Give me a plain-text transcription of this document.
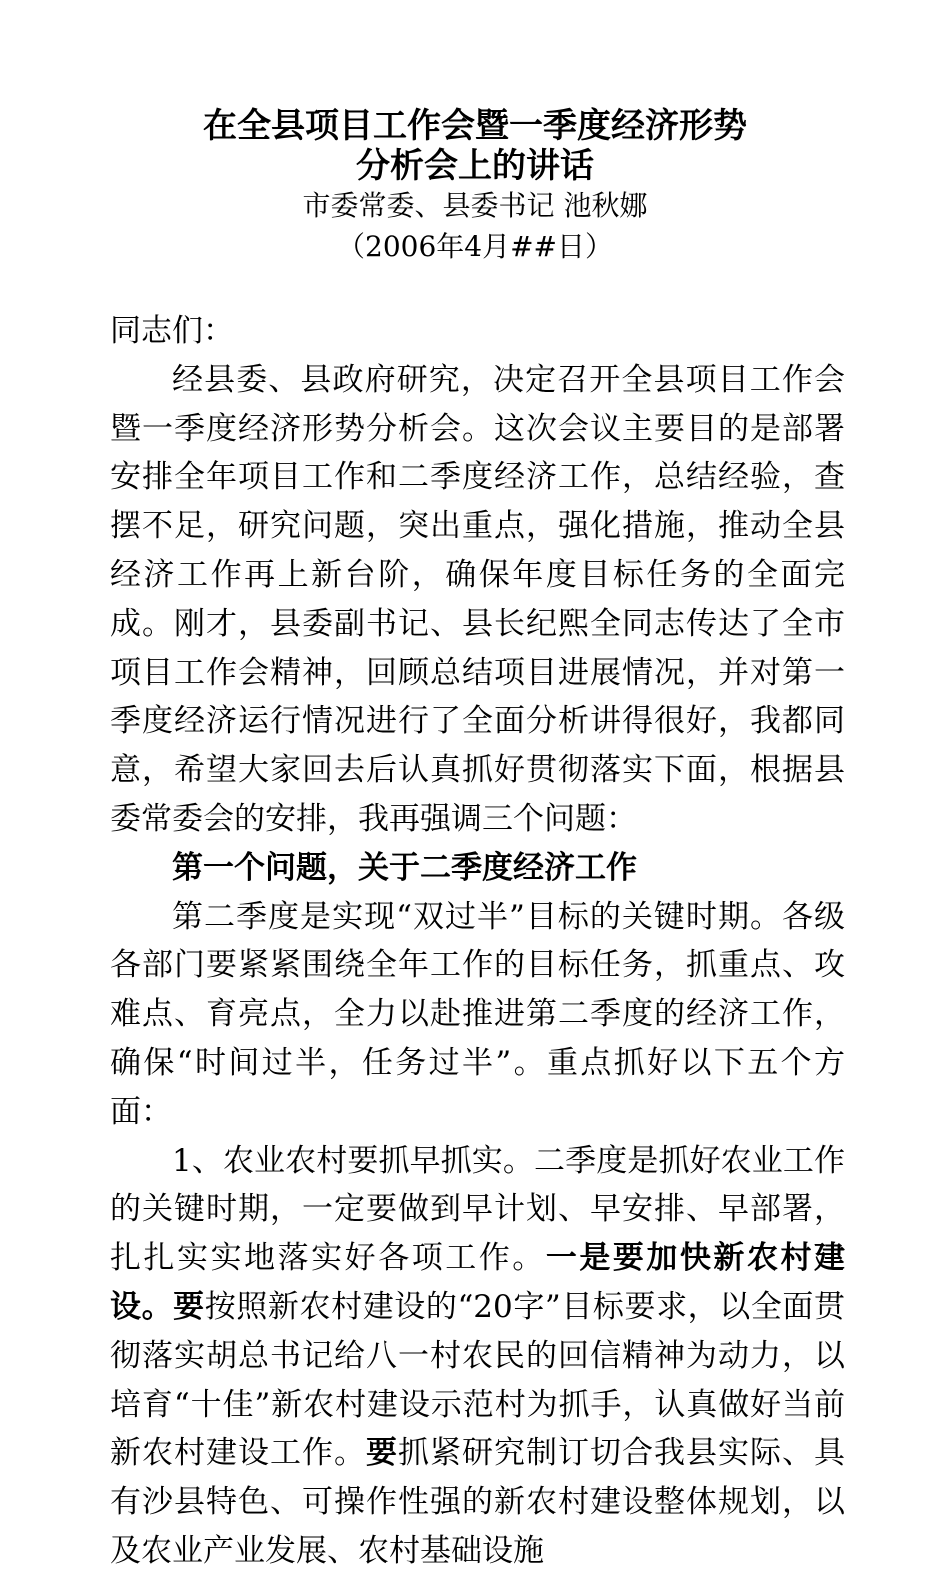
在全县项目工作会暨一季度经济形势
分析会上的讲话
市委常委、县委书记 池秋娜
（2006年4月##日）

同志们：

经县委、县政府研究，决定召开全县项目工作会暨一季度经济形势分析会。这次会议主要目的是部署安排全年项目工作和二季度经济工作，总结经验，查摆不足，研究问题，突出重点，强化措施，推动全县经济工作再上新台阶，确保年度目标任务的全面完成。刚才，县委副书记、县长纪熙全同志传达了全市项目工作会精神，回顾总结项目进展情况，并对第一季度经济运行情况进行了全面分析讲得很好，我都同意，希望大家回去后认真抓好贯彻落实下面，根据县委常委会的安排，我再强调三个问题：

第一个问题，关于二季度经济工作

第二季度是实现“双过半”目标的关键时期。各级各部门要紧紧围绕全年工作的目标任务，抓重点、攻难点、育亮点，全力以赴推进第二季度的经济工作，确保“时间过半，任务过半”。重点抓好以下五个方面：

1、农业农村要抓早抓实。二季度是抓好农业工作的关键时期，一定要做到早计划、早安排、早部署，扎扎实实地落实好各项工作。一是要加快新农村建设。要按照新农村建设的“20字”目标要求，以全面贯彻落实胡总书记给八一村农民的回信精神为动力，以培育“十佳”新农村建设示范村为抓手，认真做好当前新农村建设工作。要抓紧研究制订切合我县实际、具有沙县特色、可操作性强的新农村建设整体规划，以及农业产业发展、农村基础设施
